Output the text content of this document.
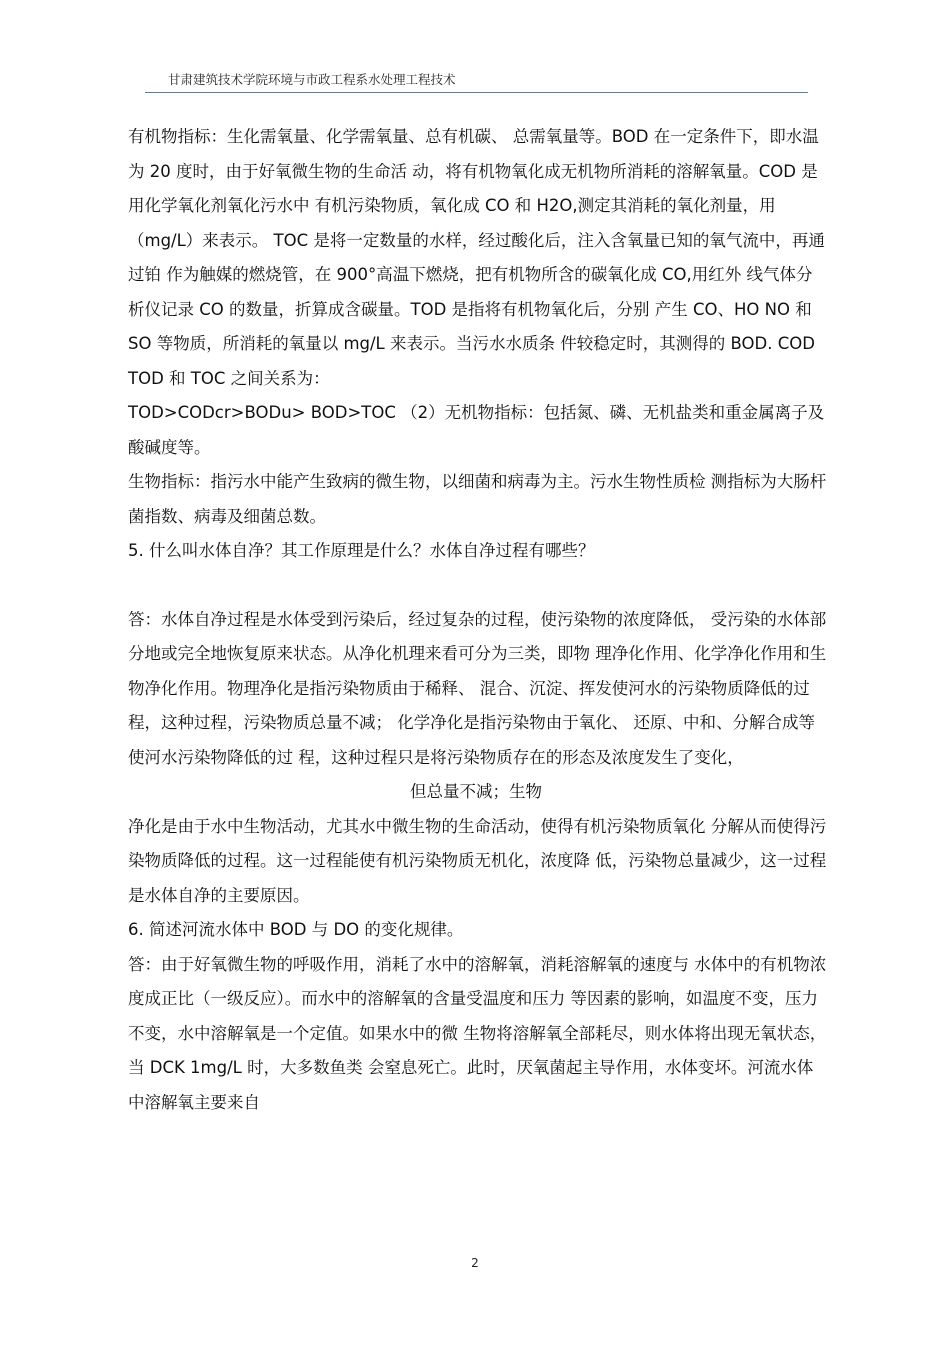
甘肃建筑技术学院环境与市政工程系水处理工程技术

有机物指标：生化需氧量、化学需氧量、总有机碳、 总需氧量等。BOD 在一定条件下，即水温为 20 度时，由于好氧微生物的生命活 动，将有机物氧化成无机物所消耗的溶解氧量。COD 是用化学氧化剂氧化污水中 有机污染物质，氧化成 CO 和 H2O,测定其消耗的氧化剂量，用（mg/L）来表示。 TOC 是将一定数量的水样，经过酸化后，注入含氧量已知的氧气流中，再通过铂 作为触媒的燃烧管，在 900°高温下燃烧，把有机物所含的碳氧化成 CO,用红外 线气体分析仪记录 CO 的数量，折算成含碳量。TOD 是指将有机物氧化后，分别 产生 CO、HO NO 和 SO 等物质，所消耗的氧量以 mg/L 来表示。当污水水质条 件较稳定时，其测得的 BOD. COD TOD 和 TOC 之间关系为：

TOD>CODcr>BODu> BOD>TOC （2）无机物指标：包括氮、磷、无机盐类和重金属离子及酸碱度等。

生物指标：指污水中能产生致病的微生物，以细菌和病毒为主。污水生物性质检 测指标为大肠杆菌指数、病毒及细菌总数。

5. 什么叫水体自净？其工作原理是什么？水体自净过程有哪些？

答：水体自净过程是水体受到污染后，经过复杂的过程，使污染物的浓度降低， 受污染的水体部分地或完全地恢复原来状态。从净化机理来看可分为三类，即物 理净化作用、化学净化作用和生物净化作用。物理净化是指污染物质由于稀释、 混合、沉淀、挥发使河水的污染物质降低的过程，这种过程，污染物质总量不减； 化学净化是指污染物由于氧化、 还原、中和、分解合成等使河水污染物降低的过 程，这种过程只是将污染物质存在的形态及浓度发生了变化，但总量不减；生物

净化是由于水中生物活动，尤其水中微生物的生命活动，使得有机污染物质氧化 分解从而使得污染物质降低的过程。这一过程能使有机污染物质无机化，浓度降 低，污染物总量减少，这一过程是水体自净的主要原因。

6. 简述河流水体中 BOD 与 DO 的变化规律。

答：由于好氧微生物的呼吸作用，消耗了水中的溶解氧，消耗溶解氧的速度与 水体中的有机物浓度成正比（一级反应）。而水中的溶解氧的含量受温度和压力 等因素的影响，如温度不变，压力不变，水中溶解氧是一个定值。如果水中的微 生物将溶解氧全部耗尽，则水体将出现无氧状态，当 DCK 1mg/L 时，大多数鱼类 会窒息死亡。此时，厌氧菌起主导作用，水体变坏。河流水体中溶解氧主要来自

2
